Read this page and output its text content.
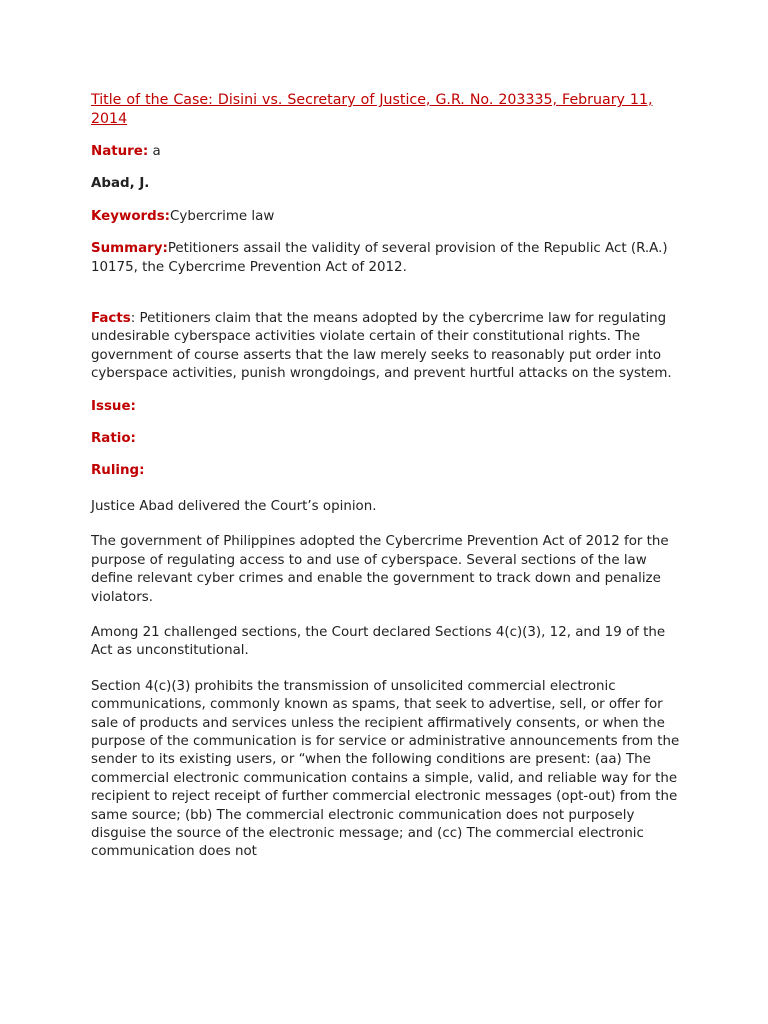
Title of the Case: Disini vs. Secretary of Justice, G.R. No. 203335, February 11, 2014

Nature: a

Abad, J.

Keywords:Cybercrime law

Summary:Petitioners assail the validity of several provision of the Republic Act (R.A.) 10175, the Cybercrime Prevention Act of 2012.

Facts: Petitioners claim that the means adopted by the cybercrime law for regulating undesirable cyberspace activities violate certain of their constitutional rights. The government of course asserts that the law merely seeks to reasonably put order into cyberspace activities, punish wrongdoings, and prevent hurtful attacks on the system.

Issue:

Ratio:

Ruling:

Justice Abad delivered the Court’s opinion.

The government of Philippines adopted the Cybercrime Prevention Act of 2012 for the purpose of regulating access to and use of cyberspace. Several sections of the law define relevant cyber crimes and enable the government to track down and penalize violators.

Among 21 challenged sections, the Court declared Sections 4(c)(3), 12, and 19 of the Act as unconstitutional.

Section 4(c)(3) prohibits the transmission of unsolicited commercial electronic communications, commonly known as spams, that seek to advertise, sell, or offer for sale of products and services unless the recipient affirmatively consents, or when the purpose of the communication is for service or administrative announcements from the sender to its existing users, or “when the following conditions are present: (aa) The commercial electronic communication contains a simple, valid, and reliable way for the recipient to reject receipt of further commercial electronic messages (opt-out) from the same source; (bb) The commercial electronic communication does not purposely disguise the source of the electronic message; and (cc) The commercial electronic communication does not
